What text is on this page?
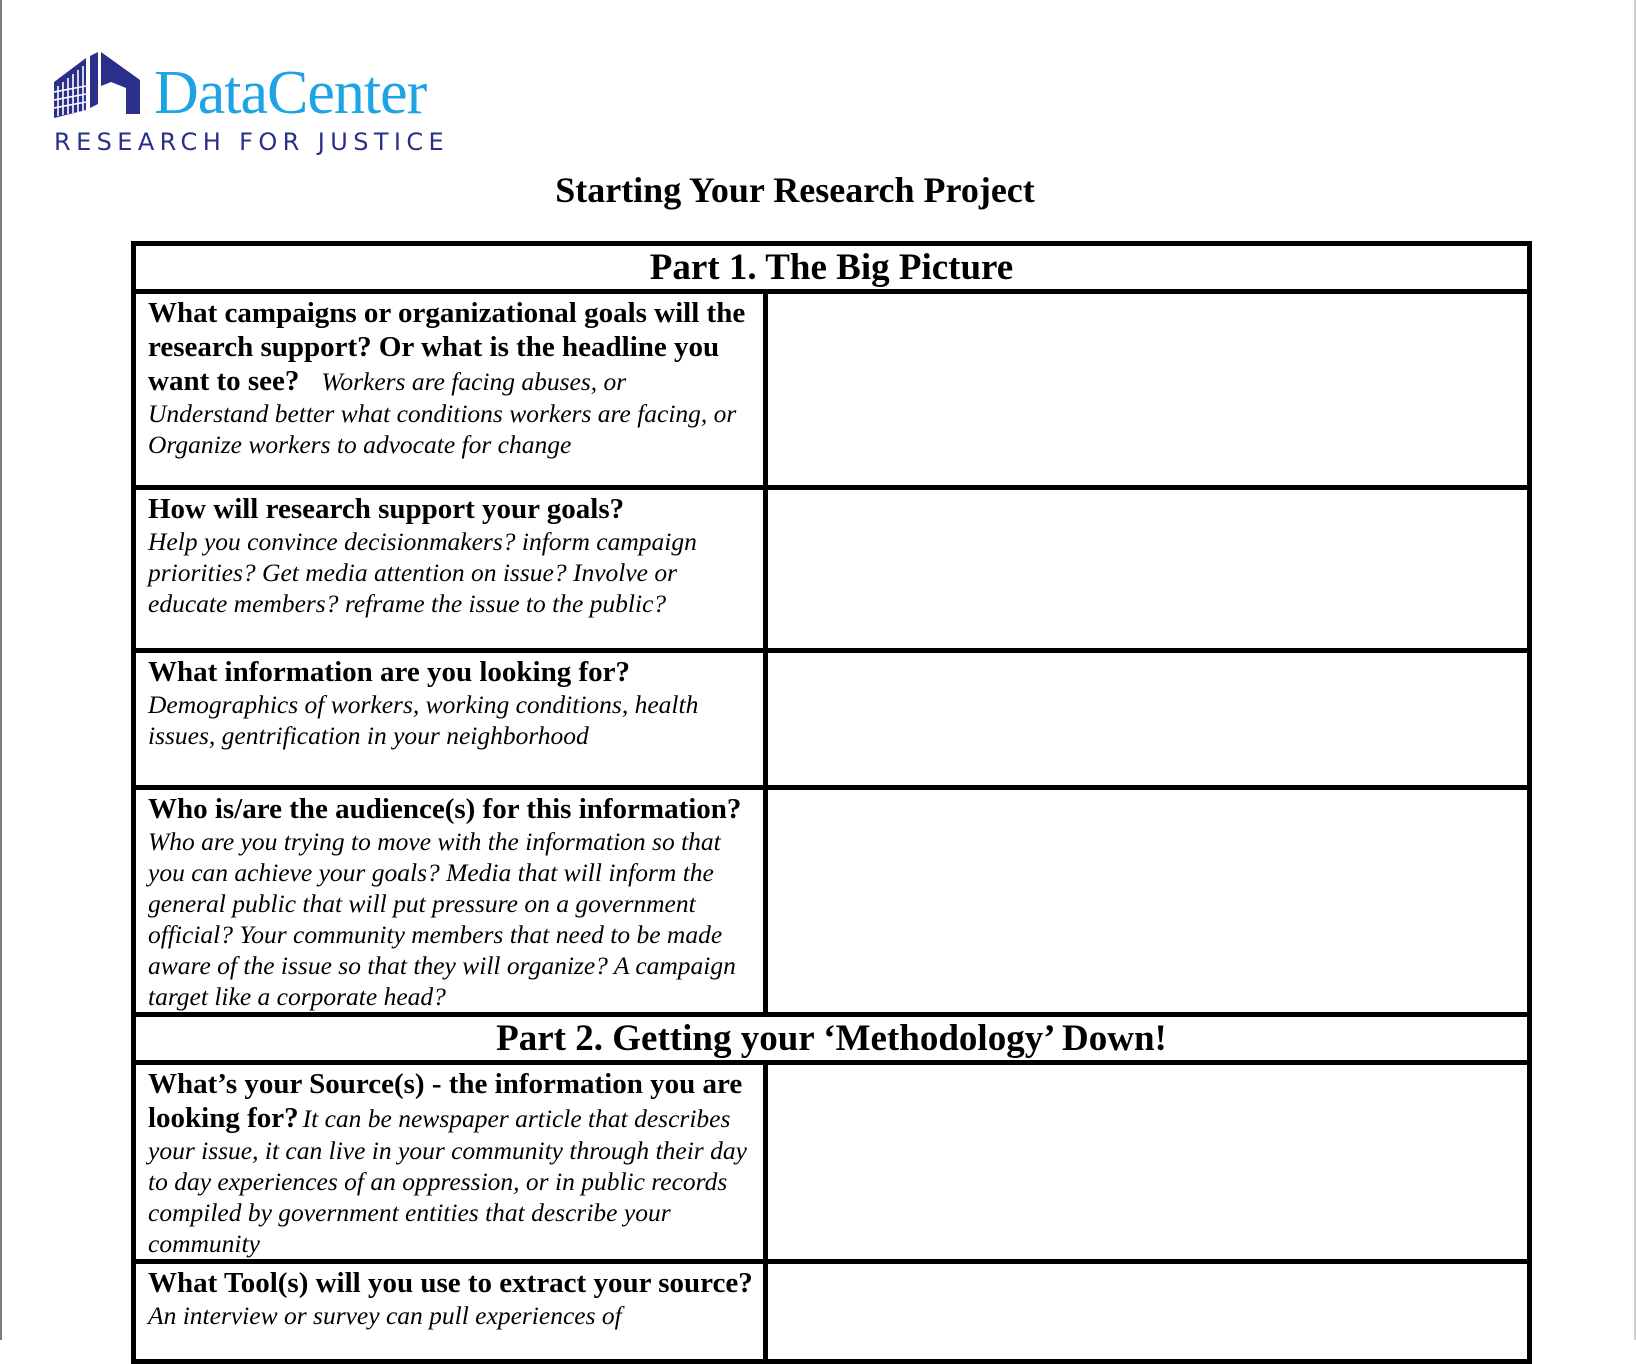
DataCenter

RESEARCH FOR JUSTICE

Starting Your Research Project
Part 1. The Big Picture	
What campaigns or organizational goals will the research support? Or what is the headline you want to see? Workers are facing abuses, or Understand better what conditions workers are facing, or Organize workers to advocate for change	

How will research support your goals?
Help you convince decisionmakers? inform campaign priorities? Get media attention on issue? Involve or educate members? reframe the issue to the public?	

What information are you looking for?
Demographics of workers, working conditions, health issues, gentrification in your neighborhood	

Who is/are the audience(s) for this information?
Who are you trying to move with the information so that you can achieve your goals? Media that will inform the general public that will put pressure on a government official? Your community members that need to be made aware of the issue so that they will organize? A campaign target like a corporate head?	

Part 2. Getting your ‘Methodology’ Down!	
What’s your Source(s) - the information you are looking for? It can be newspaper article that describes your issue, it can live in your community through their day to day experiences of an oppression, or in public records compiled by government entities that describe your community	
What Tool(s) will you use to extract your source? An interview or survey can pull experiences of	
